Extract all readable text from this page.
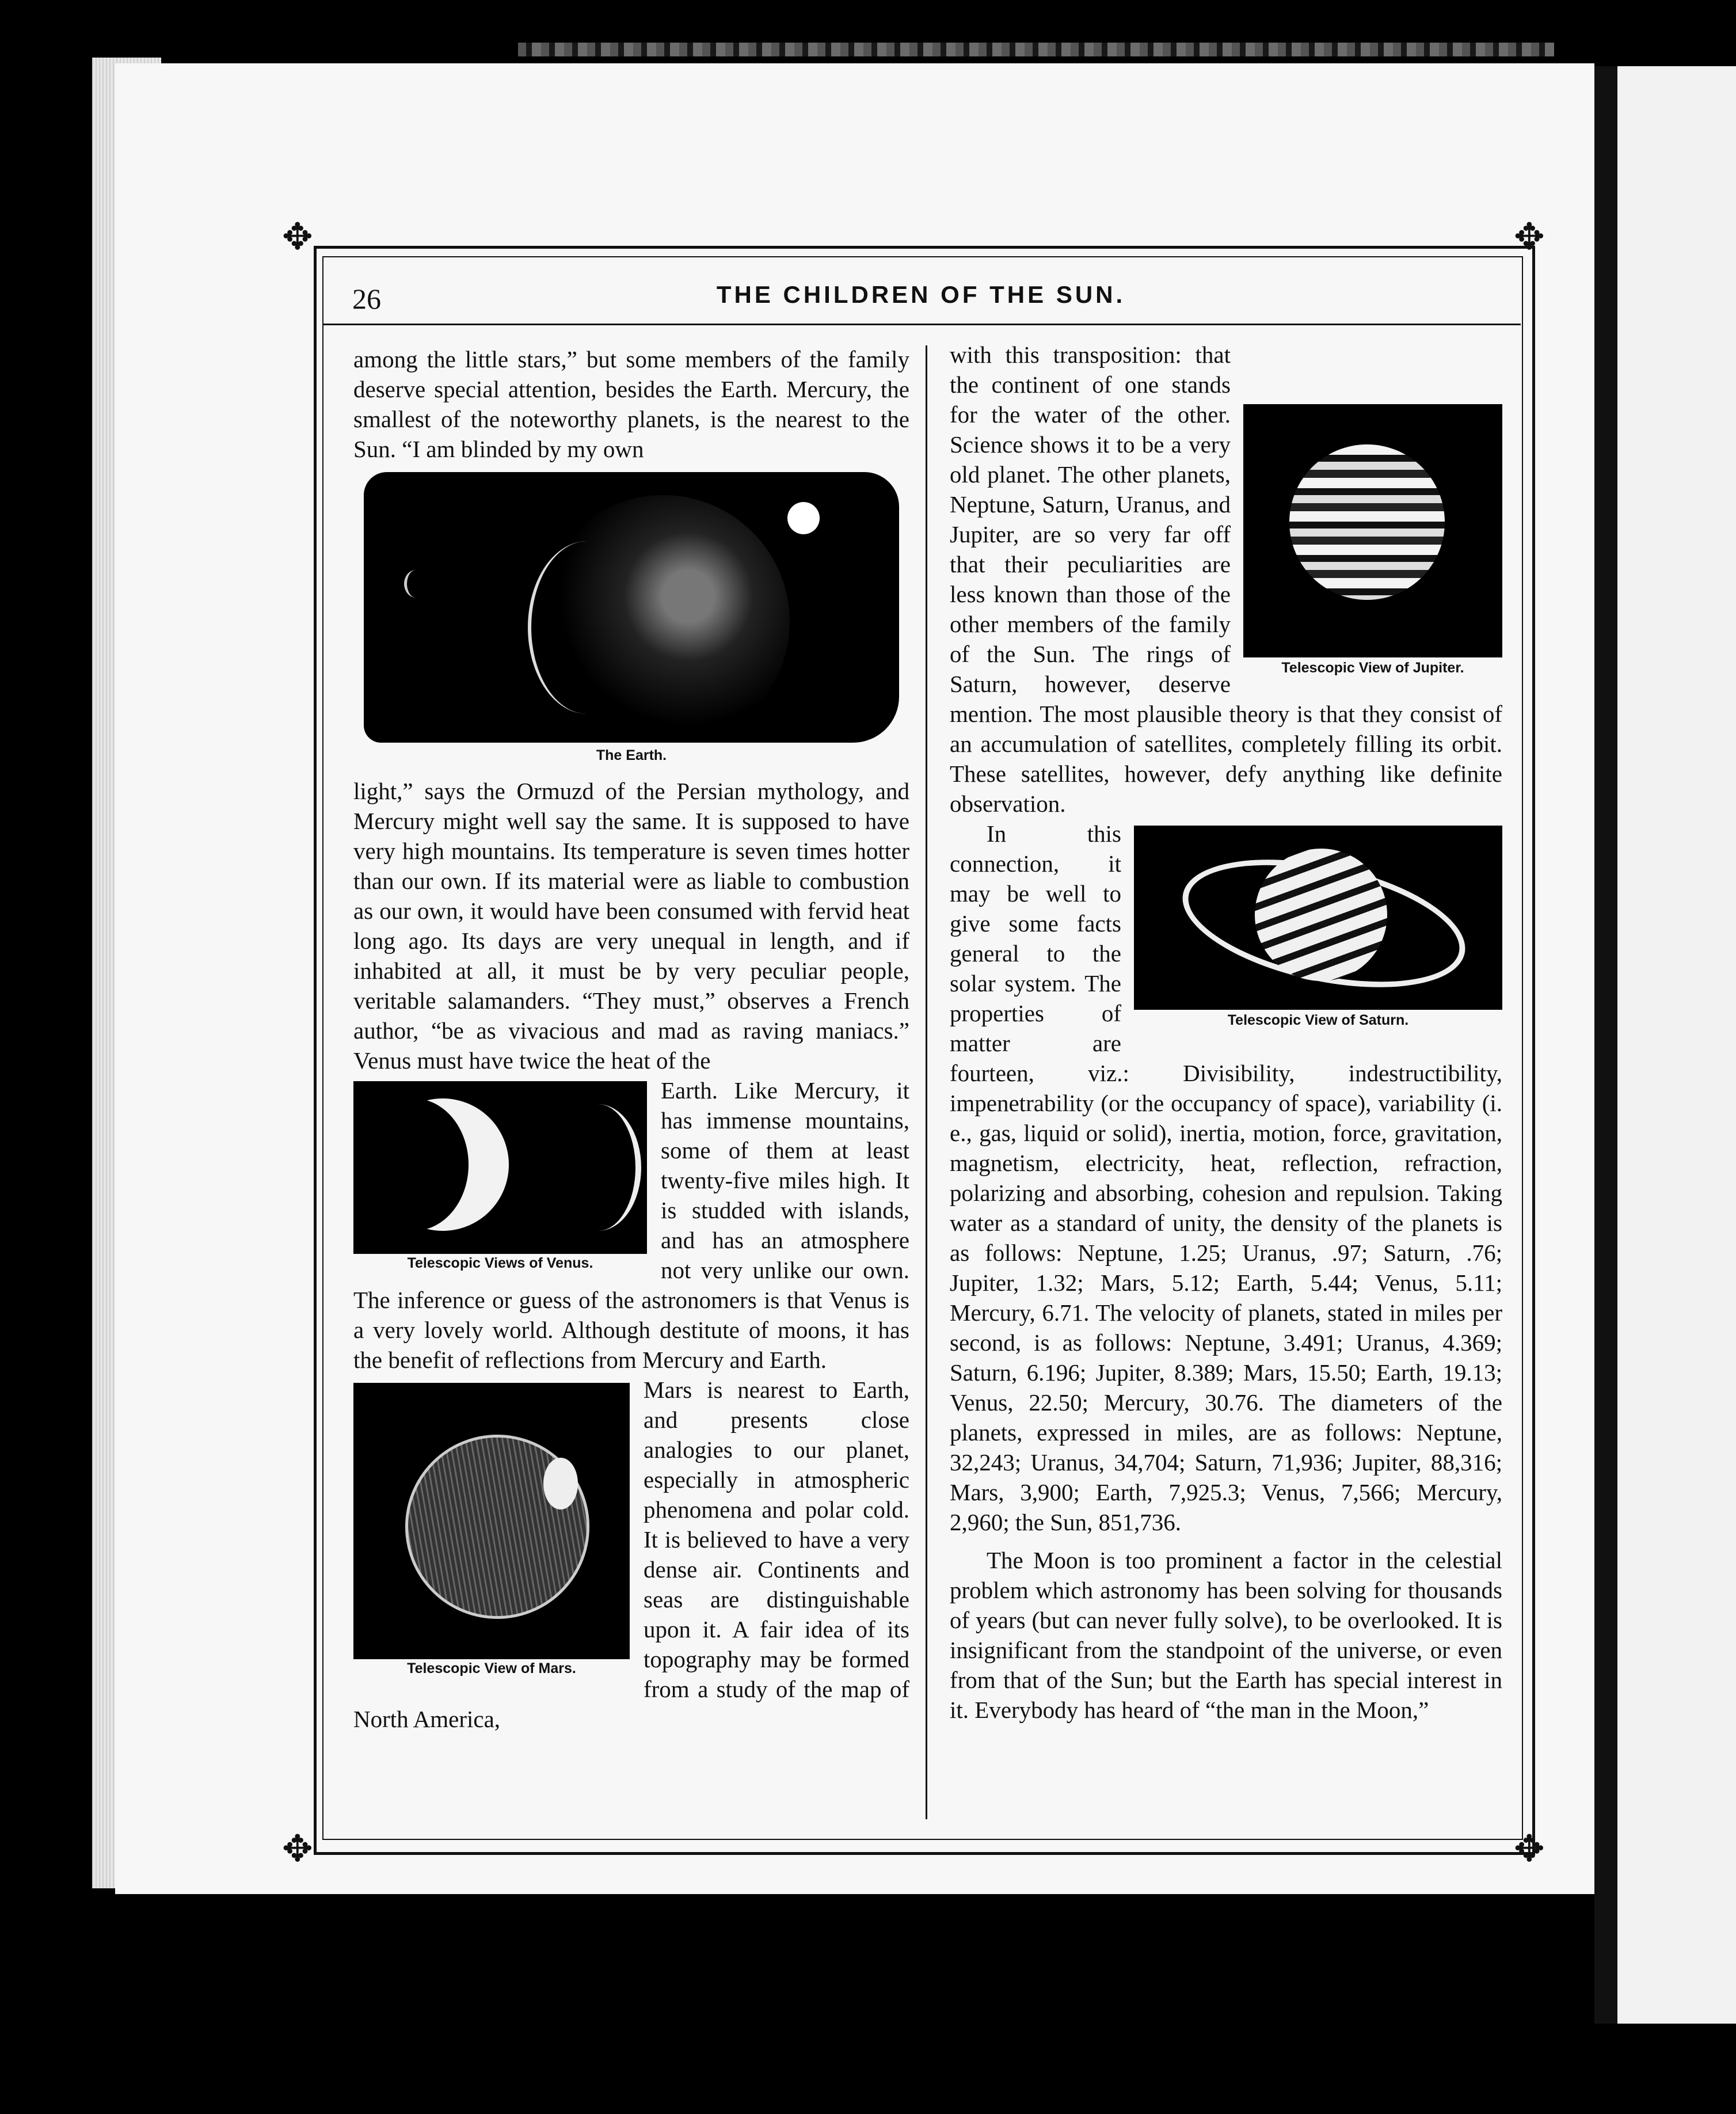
✥	✥
✥	✥
26	THE CHILDREN OF THE SUN.

among the little stars,” but some members of the family deserve special attention, besides the Earth. Mercury, the smallest of the noteworthy planets, is the nearest to the Sun. “I am blinded by my own

The Earth.

light,” says the Ormuzd of the Persian mythology, and Mercury might well say the same. It is supposed to have very high mountains. Its temperature is seven times hotter than our own. If its material were as liable to combustion as our own, it would have been consumed with fervid heat long ago. Its days are very unequal in length, and if inhabited at all, it must be by very peculiar people, veritable salamanders. “They must,” observes a French author, “be as vivacious and mad as raving maniacs.” Venus must have twice the heat of the

Telescopic Views of Venus.

Earth. Like Mercury, it has immense mountains, some of them at least twenty-five miles high. It is studded with islands, and has an atmosphere not very unlike our own. The inference or guess of the astronomers is that Venus is a very lovely world. Although destitute of moons, it has the benefit of reflections from Mercury and Earth.

Telescopic View of Mars.

Mars is nearest to Earth, and presents close analogies to our planet, especially in atmospheric phenomena and polar cold. It is believed to have a very dense air. Continents and seas are distinguishable upon it. A fair idea of its topography may be formed from a study of the map of North America,

Telescopic View of Jupiter.

with this transposition: that the continent of one stands for the water of the other. Science shows it to be a very old planet. The other planets, Neptune, Saturn, Uranus, and Jupiter, are so very far off that their peculiarities are less known than those of the other members of the family of the Sun. The rings of Saturn, however, deserve mention. The most plausible theory is that they consist of an accumulation of satellites, completely filling its orbit. These satellites, however, defy anything like definite observation.

Telescopic View of Saturn.

In this connection, it may be well to give some facts general to the solar system. The properties of matter are fourteen, viz.: Divisibility, indestructibility, impenetrability (or the occupancy of space), variability (i. e., gas, liquid or solid), inertia, motion, force, gravitation, magnetism, electricity, heat, reflection, refraction, polarizing and absorbing, cohesion and repulsion. Taking water as a standard of unity, the density of the planets is as follows: Neptune, 1.25; Uranus, .97; Saturn, .76; Jupiter, 1.32; Mars, 5.12; Earth, 5.44; Venus, 5.11; Mercury, 6.71. The velocity of planets, stated in miles per second, is as follows: Neptune, 3.491; Uranus, 4.369; Saturn, 6.196; Jupiter, 8.389; Mars, 15.50; Earth, 19.13; Venus, 22.50; Mercury, 30.76. The diameters of the planets, expressed in miles, are as follows: Neptune, 32,243; Uranus, 34,704; Saturn, 71,936; Jupiter, 88,316; Mars, 3,900; Earth, 7,925.3; Venus, 7,566; Mercury, 2,960; the Sun, 851,736.

The Moon is too prominent a factor in the celestial problem which astronomy has been solving for thousands of years (but can never fully solve), to be overlooked. It is insignificant from the standpoint of the universe, or even from that of the Sun; but the Earth has special interest in it. Everybody has heard of “the man in the Moon,”
